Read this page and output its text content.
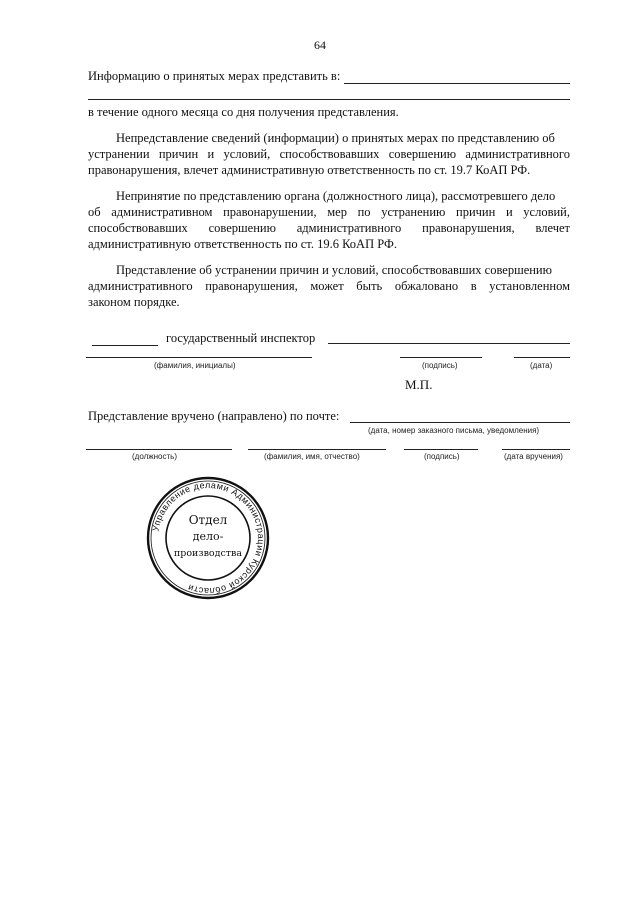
64
Информацию о принятых мерах представить в:
в течение одного месяца со дня получения представления.
Непредставление сведений (информации) о принятых мерах по представлению об
устранении причин и условий, способствовавших совершению административного
правонарушения, влечет административную ответственность по ст. 19.7 КоАП РФ.
Непринятие по представлению органа (должностного лица), рассмотревшего дело
об административном правонарушении, мер по устранению причин и условий,
способствовавших совершению административного правонарушения, влечет
административную ответственность по ст. 19.6 КоАП РФ.
Представление об устранении причин и условий, способствовавших совершению
административного правонарушения, может быть обжаловано в установленном
законом порядке.
государственный инспектор
(фамилия, инициалы)	(подпись)	(дата)
М.П.
Представление вручено (направлено) по почте:
(дата, номер заказного письма, уведомления)
(должность)	(фамилия, имя, отчество)	(подпись)	(дата вручения)
Управление делами Администрации Курской области
Отдел
дело-
производства
